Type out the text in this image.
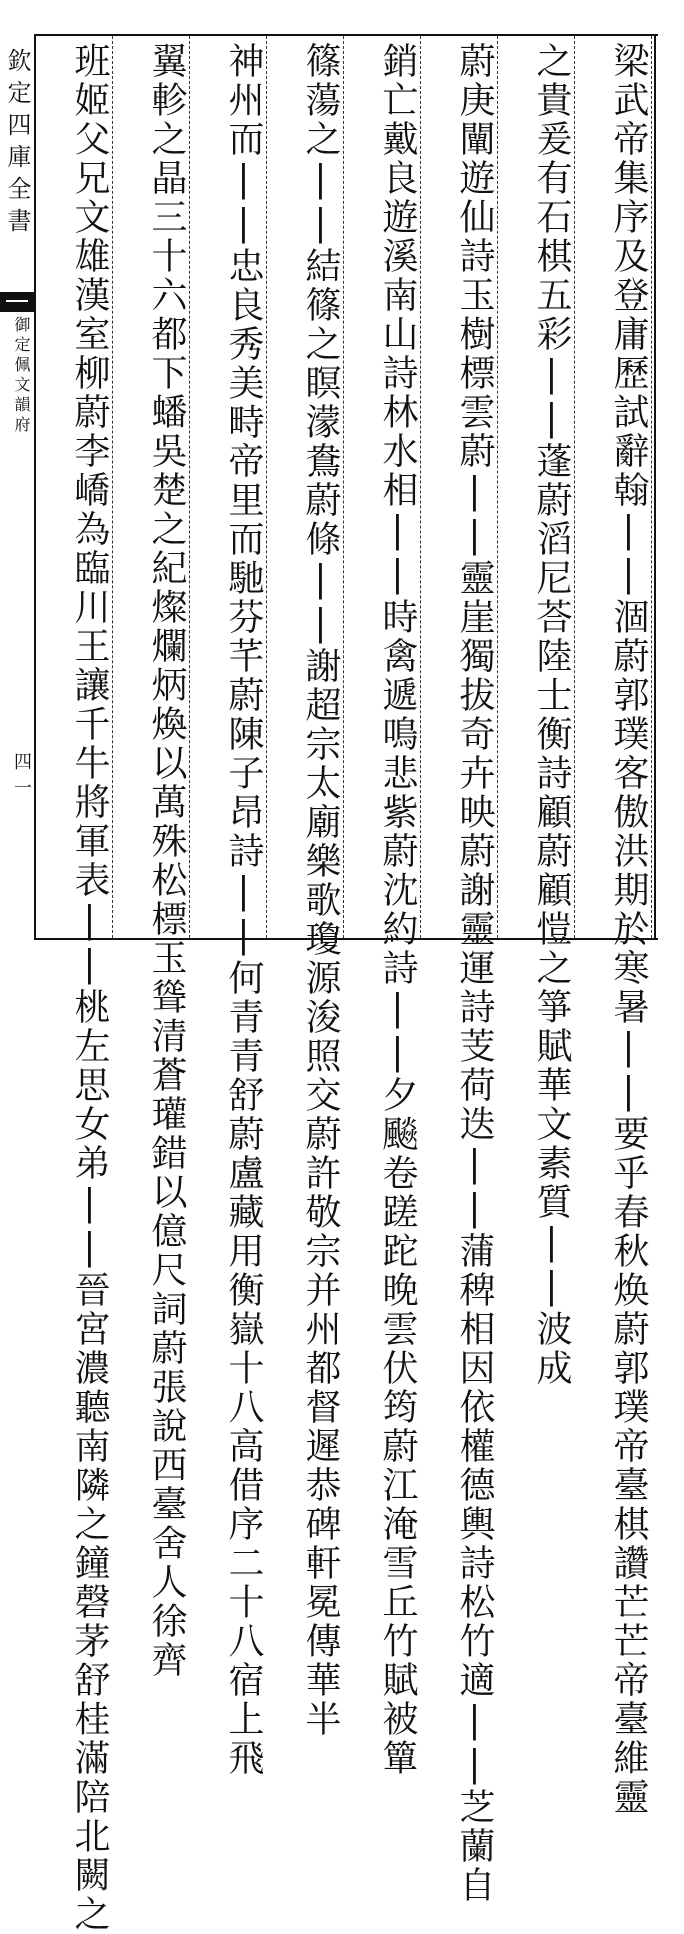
欽定四庫全書
御定佩文韻府
四一	梁武帝集序及登庸歷試辭翰||涸蔚郭璞客傲洪期於寒暑||要乎春秋焕蔚郭璞帝臺棋讚芒芒帝臺維靈
之貴爰有石棋五彩||蓬蔚滔尼荅陸士衡詩顧蔚顧愷之箏賦華文素質||波成
蔚庚闡遊仙詩玉樹標雲蔚||靈崖獨拔奇卉映蔚謝靈運詩芰荷迭||蒲稗相因依權德輿詩松竹適||芝蘭自
銷亡戴良遊溪南山詩林水相||時禽遞鳴悲紫蔚沈約詩||夕飈卷蹉跎晚雲伏筠蔚江淹雪丘竹賦被簞
篠蕩之||結篠之瞑濛鴦蔚條||謝超宗太廟樂歌瓊源浚照交蔚許敬宗并州都督遲恭碑軒冕傳華半
神州而||忠良秀美畤帝里而馳芬芊蔚陳子昂詩||何青青舒蔚盧藏用衡嶽十八高借序二十八宿上飛
翼軫之晶三十六都下蟠吳楚之紀燦爛炳煥以萬殊松標玉聳清蒼瓘錯以億尺詞蔚張說西臺舍人徐齊
班姬父兄文雄漢室柳蔚李嶠為臨川王讓千牛將軍表||桃左思女弟||晉宮濃聽南隣之鐘磬茅舒桂滿陪北闕之
